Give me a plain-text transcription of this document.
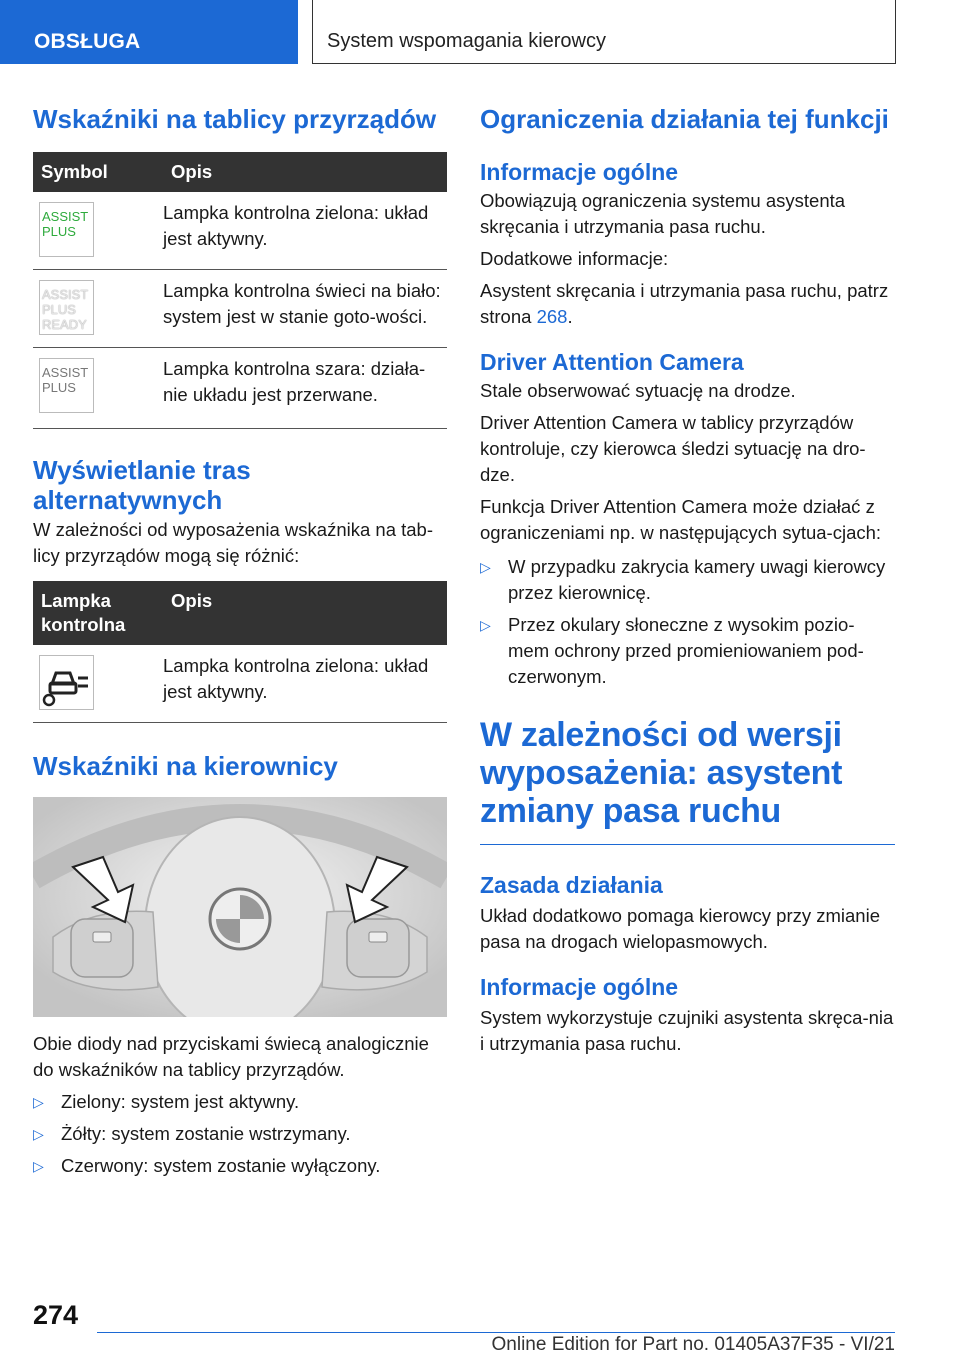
OBSŁUGA	System wspomagania kierowcy
Wskaźniki na tablicy przyrządów
Symbol	Opis

ASSIST
PLUS	Lampka kontrolna zielona: układ jest aktywny.

ASSIST
PLUS
READY	Lampka kontrolna świeci na biało: system jest w stanie goto-wości.

ASSIST
PLUS	Lampka kontrolna szara: działa-nie układu jest przerwane.
Wyświetlanie tras alternatywnych

W zależności od wyposażenia wskaźnika na tab-licy przyrządów mogą się różnić:

Lampka kontrolna	Opis

	Lampka kontrolna zielona: układ jest aktywny.
Wskaźniki na kierownicy

Obie diody nad przyciskami świecą analogicznie do wskaźników na tablicy przyrządów.

▷ Zielony: system jest aktywny.
▷ Żółty: system zostanie wstrzymany.
▷ Czerwony: system zostanie wyłączony.
Ograniczenia działania tej funkcji
Informacje ogólne

Obowiązują ograniczenia systemu asystenta skręcania i utrzymania pasa ruchu.

Dodatkowe informacje:

Asystent skręcania i utrzymania pasa ruchu, patrz strona 268.

Driver Attention Camera

Stale obserwować sytuację na drodze.

Driver Attention Camera w tablicy przyrządów kontroluje, czy kierowca śledzi sytuację na dro-dze.

Funkcja Driver Attention Camera może działać z ograniczeniami np. w następujących sytua-cjach:

▷ W przypadku zakrycia kamery uwagi kierowcy przez kierownicę.
▷ Przez okulary słoneczne z wysokim pozio-mem ochrony przed promieniowaniem pod-czerwonym.
W zależności od wersji wyposażenia: asystent zmiany pasa ruchu
Zasada działania

Układ dodatkowo pomaga kierowcy przy zmianie pasa na drogach wielopasmowych.

Informacje ogólne

System wykorzystuje czujniki asystenta skręca-nia i utrzymania pasa ruchu.

274
Online Edition for Part no. 01405A37F35 - VI/21
